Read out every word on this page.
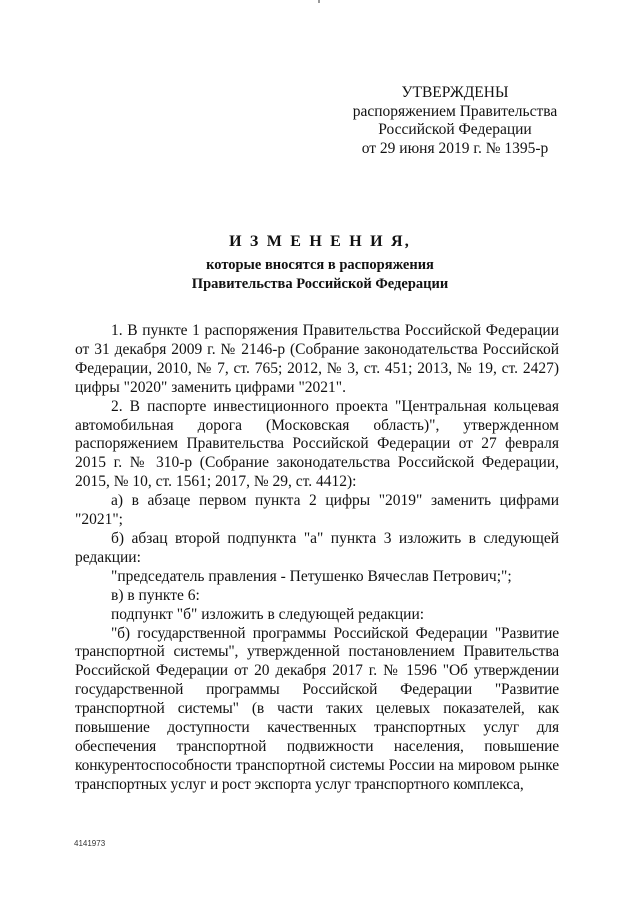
УТВЕРЖДЕНЫ
распоряжением Правительства
Российской Федерации
от 29 июня 2019 г. № 1395-р
И З М Е Н Е Н И Я,
которые вносятся в распоряжения
Правительства Российской Федерации

1. В пункте 1 распоряжения Правительства Российской Федерации от 31 декабря 2009 г. № 2146-р (Собрание законодательства Российской Федерации, 2010, № 7, ст. 765; 2012, № 3, ст. 451; 2013, № 19, ст. 2427) цифры "2020" заменить цифрами "2021".

2. В паспорте инвестиционного проекта "Центральная кольцевая автомобильная дорога (Московская область)", утвержденном распоряжением Правительства Российской Федерации от 27 февраля 2015 г. № 310-р (Собрание законодательства Российской Федерации, 2015, № 10, ст. 1561; 2017, № 29, ст. 4412):

а) в абзаце первом пункта 2 цифры "2019" заменить цифрами "2021";

б) абзац второй подпункта "а" пункта 3 изложить в следующей редакции:

"председатель правления - Петушенко Вячеслав Петрович;";

в) в пункте 6:

подпункт "б" изложить в следующей редакции:

"б) государственной программы Российской Федерации "Развитие транспортной системы", утвержденной постановлением Правительства Российской Федерации от 20 декабря 2017 г. № 1596 "Об утверждении государственной программы Российской Федерации "Развитие транспортной системы" (в части таких целевых показателей, как повышение доступности качественных транспортных услуг для обеспечения транспортной подвижности населения, повышение конкурентоспособности транспортной системы России на мировом рынке транспортных услуг и рост экспорта услуг транспортного комплекса,

4141973
